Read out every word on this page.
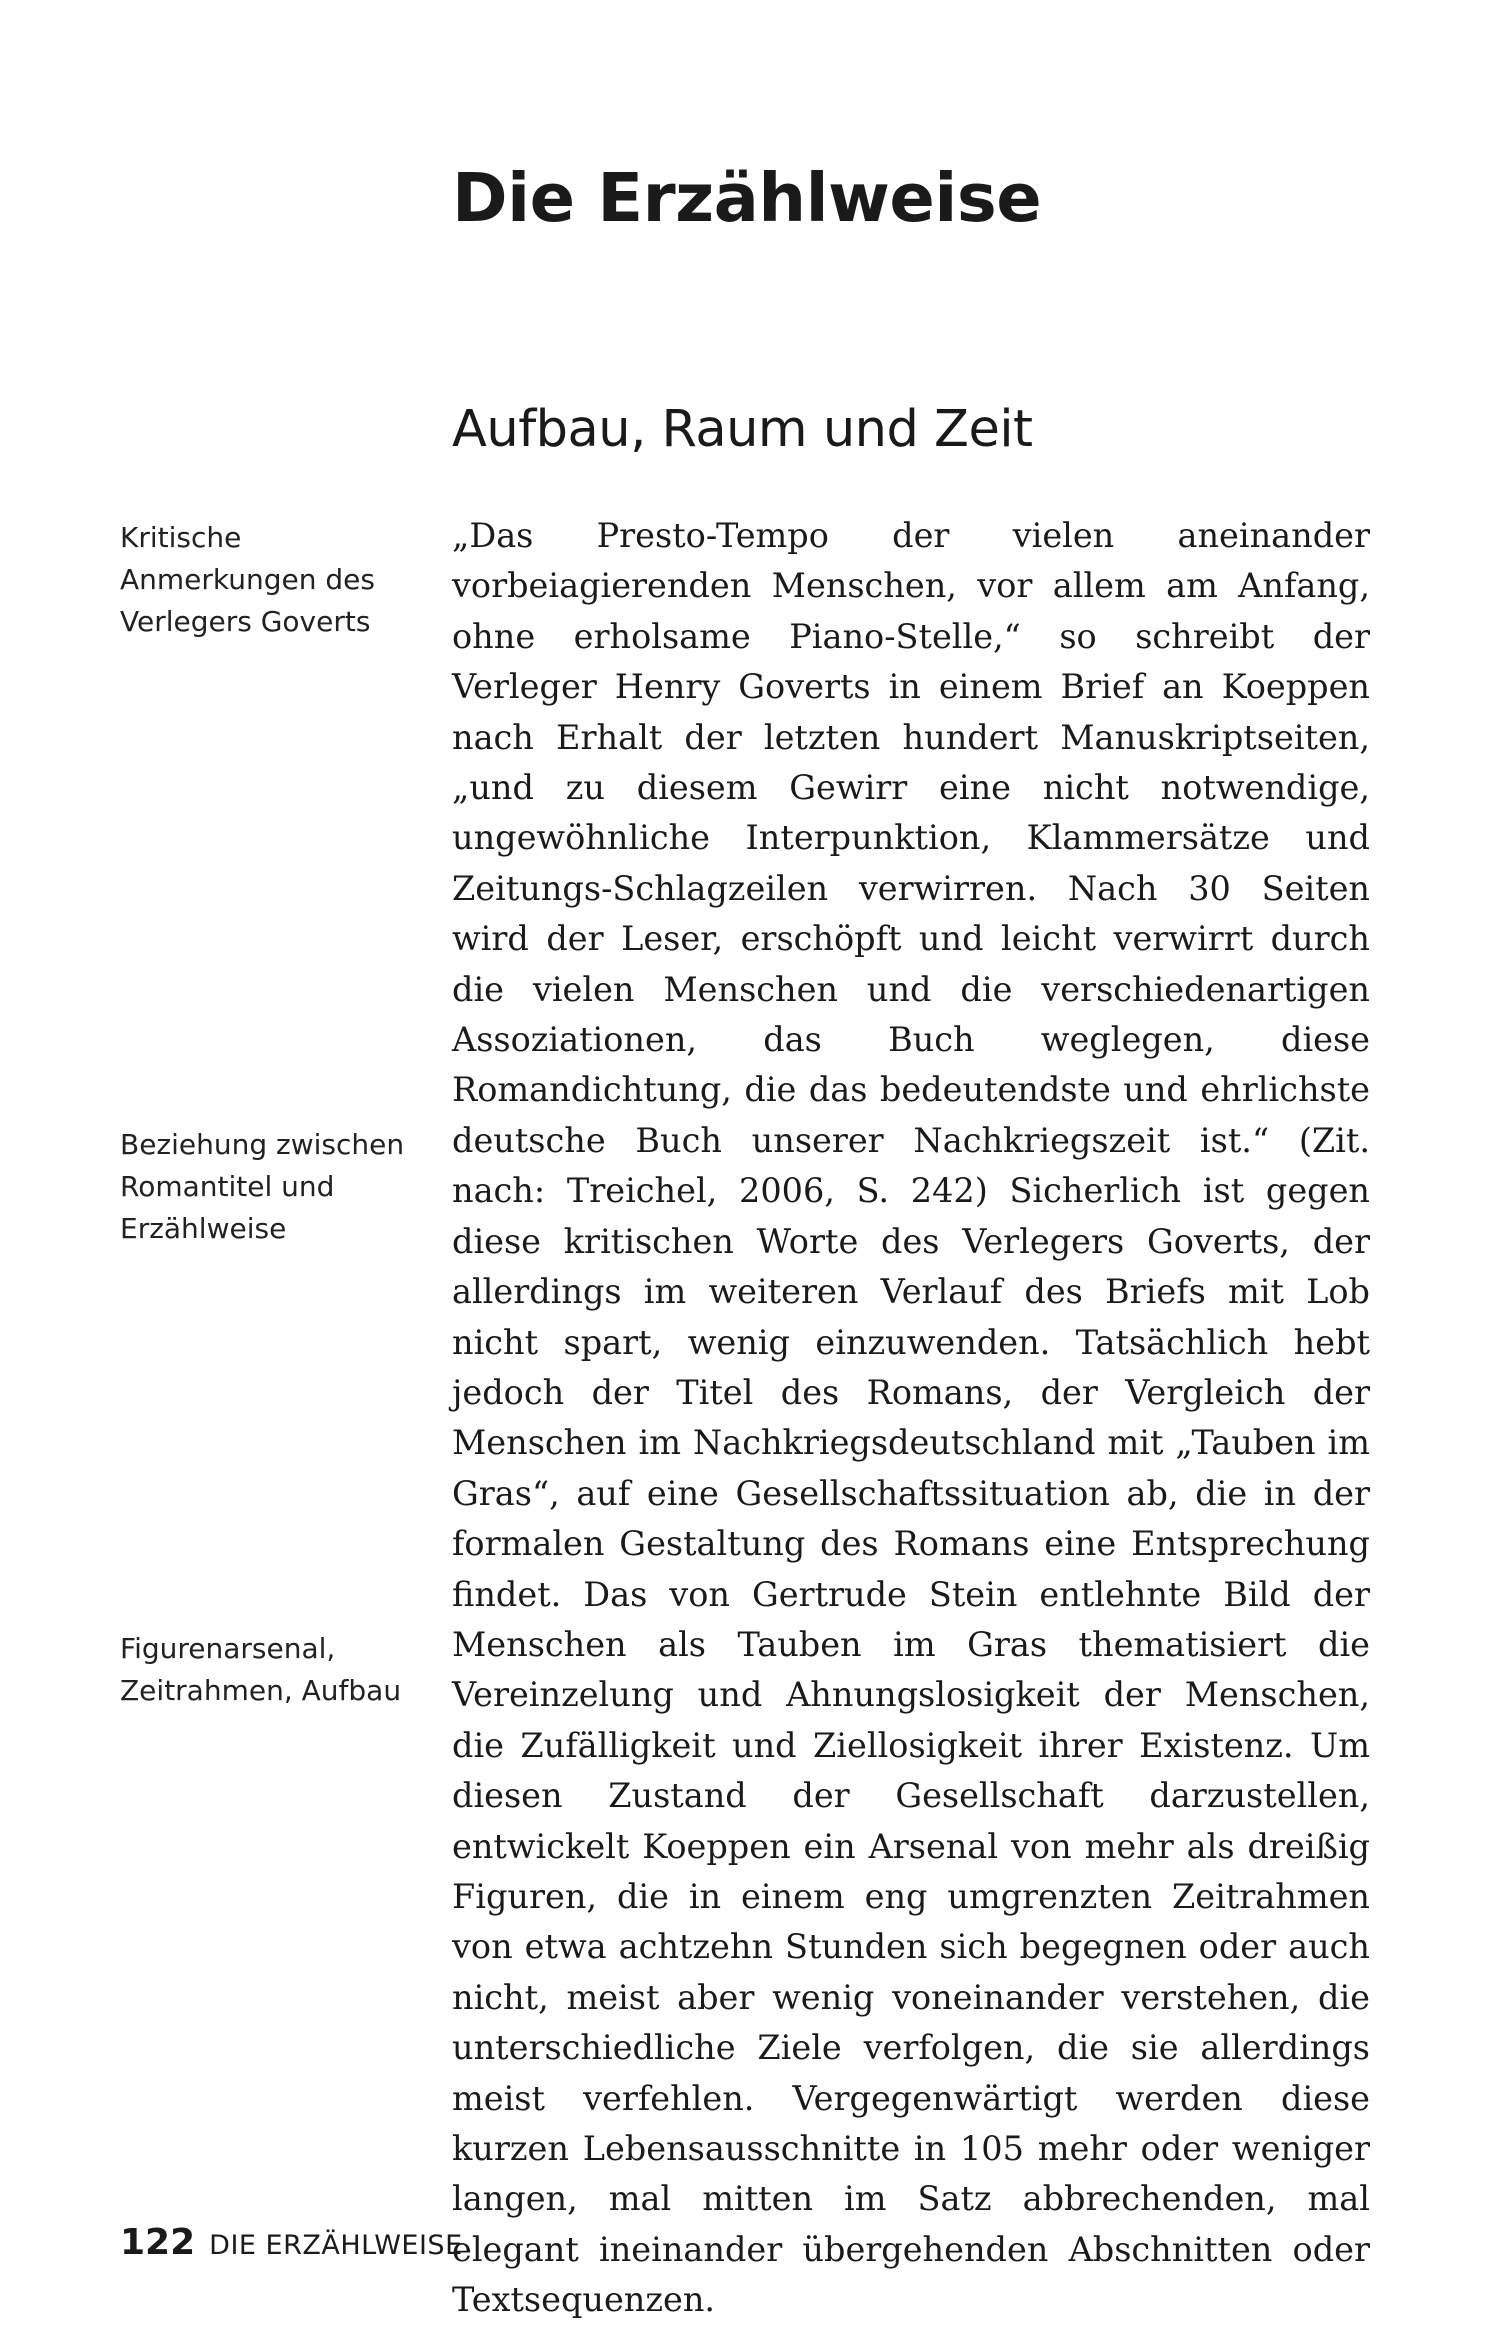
Die Erzählweise
Aufbau, Raum und Zeit

Kritische Anmerkungen des Verlegers Goverts

Beziehung zwischen Romantitel und Erzählweise

Figurenarsenal, Zeitrahmen, Aufbau

„Das Presto-Tempo der vielen aneinander vorbeiagierenden Menschen, vor allem am Anfang, ohne erholsame Piano-Stelle,“ so schreibt der Verleger Henry Goverts in einem Brief an Koeppen nach Erhalt der letzten hundert Manuskriptseiten, „und zu diesem Gewirr eine nicht notwendige, ungewöhnliche Interpunktion, Klammersätze und Zeitungs-Schlagzeilen verwirren. Nach 30 Seiten wird der Leser, erschöpft und leicht verwirrt durch die vielen Menschen und die verschiedenartigen Assoziationen, das Buch weglegen, diese Romandichtung, die das bedeutendste und ehrlichste deutsche Buch unserer Nachkriegszeit ist.“ (Zit. nach: Treichel, 2006, S. 242) Sicherlich ist gegen diese kritischen Worte des Verlegers Goverts, der allerdings im weiteren Verlauf des Briefs mit Lob nicht spart, wenig einzuwenden. Tatsächlich hebt jedoch der Titel des Romans, der Vergleich der Menschen im Nachkriegsdeutschland mit „Tauben im Gras“, auf eine Gesellschaftssituation ab, die in der formalen Gestaltung des Romans eine Entsprechung findet. Das von Gertrude Stein entlehnte Bild der Menschen als Tauben im Gras thematisiert die Vereinzelung und Ahnungslosigkeit der Menschen, die Zufälligkeit und Ziellosigkeit ihrer Existenz. Um diesen Zustand der Gesellschaft darzustellen, entwickelt Koeppen ein Arsenal von mehr als dreißig Figuren, die in einem eng umgrenzten Zeitrahmen von etwa achtzehn Stunden sich begegnen oder auch nicht, meist aber wenig voneinander verstehen, die unterschiedliche Ziele verfolgen, die sie allerdings meist verfehlen. Vergegenwärtigt werden diese kurzen Lebensausschnitte in 105 mehr oder weniger langen, mal mitten im Satz abbrechenden, mal elegant ineinander übergehenden Abschnitten oder Textsequenzen.

122 DIE ERZÄHLWEISE
